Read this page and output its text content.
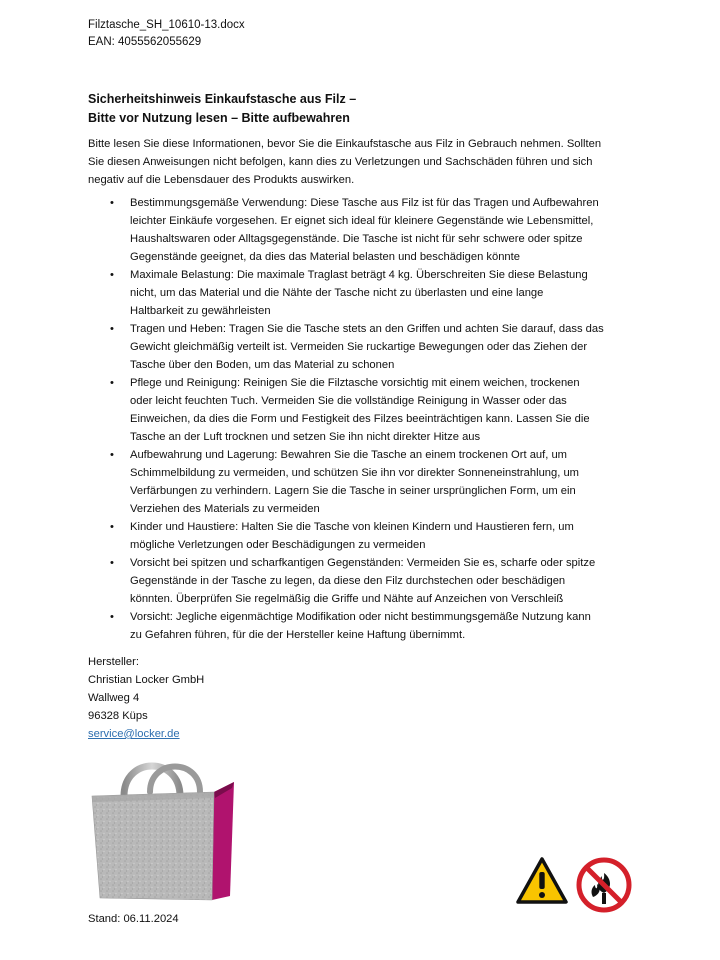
Filztasche_SH_10610-13.docx
EAN: 4055562055629
Sicherheitshinweis Einkaufstasche aus Filz –
Bitte vor Nutzung lesen – Bitte aufbewahren
Bitte lesen Sie diese Informationen, bevor Sie die Einkaufstasche aus Filz in Gebrauch nehmen. Sollten
Sie diesen Anweisungen nicht befolgen, kann dies zu Verletzungen und Sachschäden führen und sich
negativ auf die Lebensdauer des Produkts auswirken.
• Bestimmungsgemäße Verwendung: Diese Tasche aus Filz ist für das Tragen und Aufbewahren
leichter Einkäufe vorgesehen. Er eignet sich ideal für kleinere Gegenstände wie Lebensmittel,
Haushaltswaren oder Alltagsgegenstände. Die Tasche ist nicht für sehr schwere oder spitze
Gegenstände geeignet, da dies das Material belasten und beschädigen könnte
• Maximale Belastung: Die maximale Traglast beträgt 4 kg. Überschreiten Sie diese Belastung
nicht, um das Material und die Nähte der Tasche nicht zu überlasten und eine lange
Haltbarkeit zu gewährleisten
• Tragen und Heben: Tragen Sie die Tasche stets an den Griffen und achten Sie darauf, dass das
Gewicht gleichmäßig verteilt ist. Vermeiden Sie ruckartige Bewegungen oder das Ziehen der
Tasche über den Boden, um das Material zu schonen
• Pflege und Reinigung: Reinigen Sie die Filztasche vorsichtig mit einem weichen, trockenen
oder leicht feuchten Tuch. Vermeiden Sie die vollständige Reinigung in Wasser oder das
Einweichen, da dies die Form und Festigkeit des Filzes beeinträchtigen kann. Lassen Sie die
Tasche an der Luft trocknen und setzen Sie ihn nicht direkter Hitze aus
• Aufbewahrung und Lagerung: Bewahren Sie die Tasche an einem trockenen Ort auf, um
Schimmelbildung zu vermeiden, und schützen Sie ihn vor direkter Sonneneinstrahlung, um
Verfärbungen zu verhindern. Lagern Sie die Tasche in seiner ursprünglichen Form, um ein
Verziehen des Materials zu vermeiden
• Kinder und Haustiere: Halten Sie die Tasche von kleinen Kindern und Haustieren fern, um
mögliche Verletzungen oder Beschädigungen zu vermeiden
• Vorsicht bei spitzen und scharfkantigen Gegenständen: Vermeiden Sie es, scharfe oder spitze
Gegenstände in der Tasche zu legen, da diese den Filz durchstechen oder beschädigen
könnten. Überprüfen Sie regelmäßig die Griffe und Nähte auf Anzeichen von Verschleiß
• Vorsicht: Jegliche eigenmächtige Modifikation oder nicht bestimmungsgemäße Nutzung kann
zu Gefahren führen, für die der Hersteller keine Haftung übernimmt.
Hersteller:
Christian Locker GmbH
Wallweg 4
96328 Küps
service@locker.de
Stand: 06.11.2024
